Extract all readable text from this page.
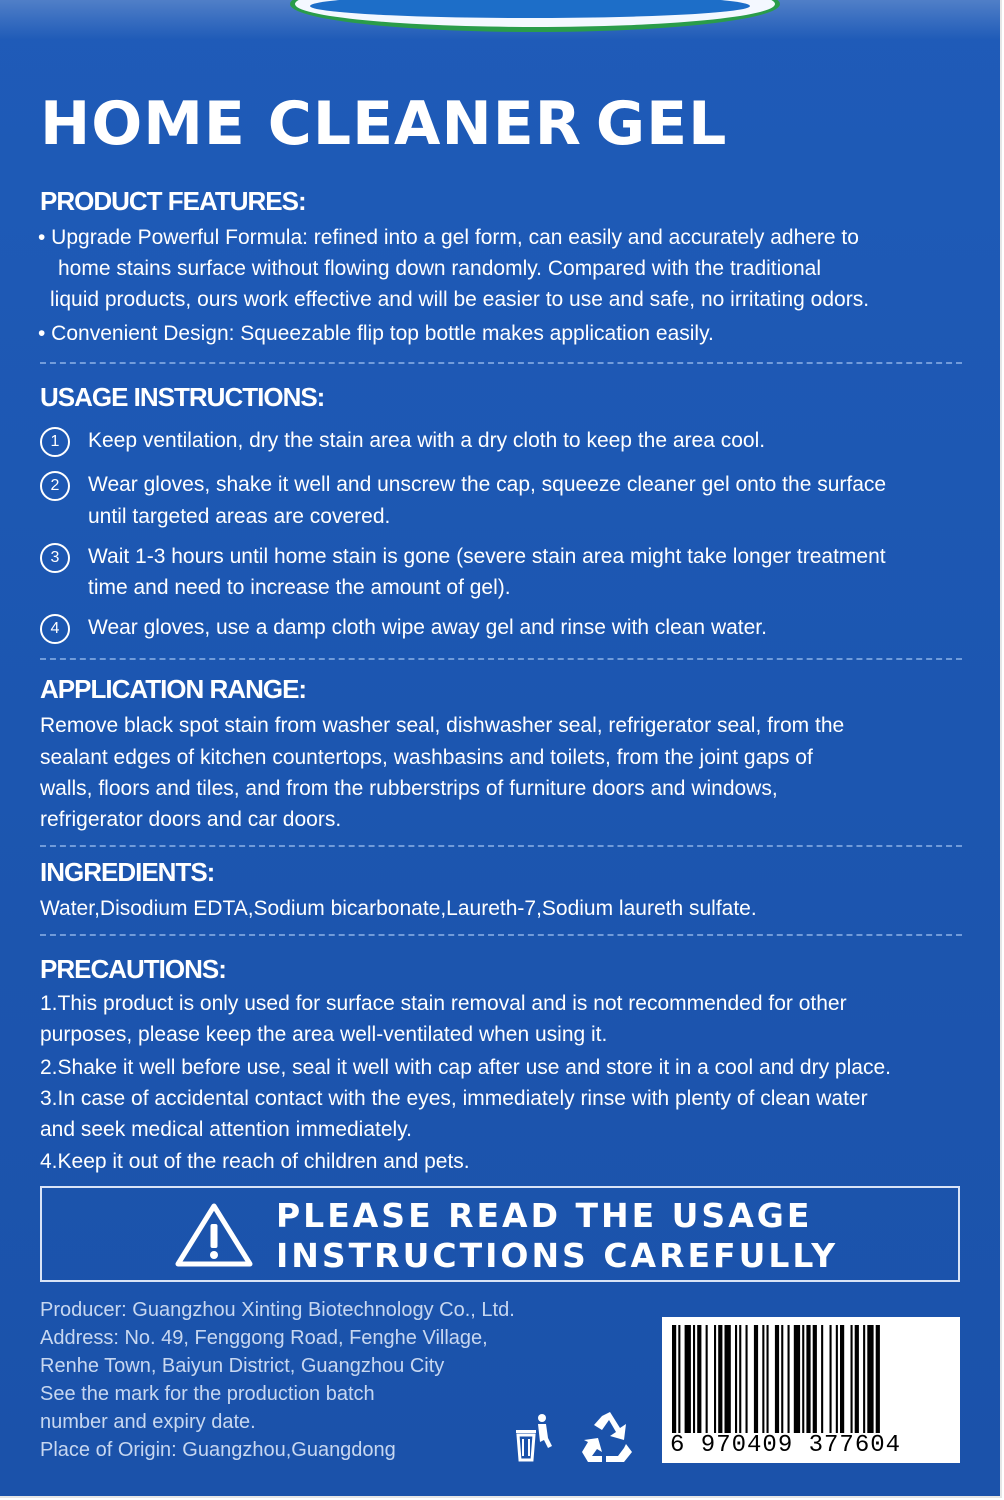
HOME CLEANER GEL
PRODUCT FEATURES:
• Upgrade Powerful Formula: refined into a gel form, can easily and accurately adhere to
home stains surface without flowing down randomly. Compared with the traditional
liquid products, ours work effective and will be easier to use and safe, no irritating odors.
• Convenient Design: Squeezable flip top bottle makes application easily.
USAGE INSTRUCTIONS:
1	Keep ventilation, dry the stain area with a dry cloth to keep the area cool.
2	Wear gloves, shake it well and unscrew the cap, squeeze cleaner gel onto the surface
until targeted areas are covered.
3	Wait 1-3 hours until home stain is gone (severe stain area might take longer treatment
time and need to increase the amount of gel).
4	Wear gloves, use a damp cloth wipe away gel and rinse with clean water.
APPLICATION RANGE:
Remove black spot stain from washer seal, dishwasher seal, refrigerator seal, from the
sealant edges of kitchen countertops, washbasins and toilets, from the joint gaps of
walls, floors and tiles, and from the rubberstrips of furniture doors and windows,
refrigerator doors and car doors.
INGREDIENTS:
Water,Disodium EDTA,Sodium bicarbonate,Laureth-7,Sodium laureth sulfate.
PRECAUTIONS:
1.This product is only used for surface stain removal and is not recommended for other
purposes, please keep the area well-ventilated when using it.
2.Shake it well before use, seal it well with cap after use and store it in a cool and dry place.
3.In case of accidental contact with the eyes, immediately rinse with plenty of clean water
and seek medical attention immediately.
4.Keep it out of the reach of children and pets.
PLEASE READ THE USAGE
INSTRUCTIONS CAREFULLY
Producer: Guangzhou Xinting Biotechnology Co., Ltd.
Address: No. 49, Fenggong Road, Fenghe Village,
Renhe Town, Baiyun District, Guangzhou City
See the mark for the production batch
number and expiry date.
Place of Origin: Guangzhou,Guangdong	6 970409 377604
